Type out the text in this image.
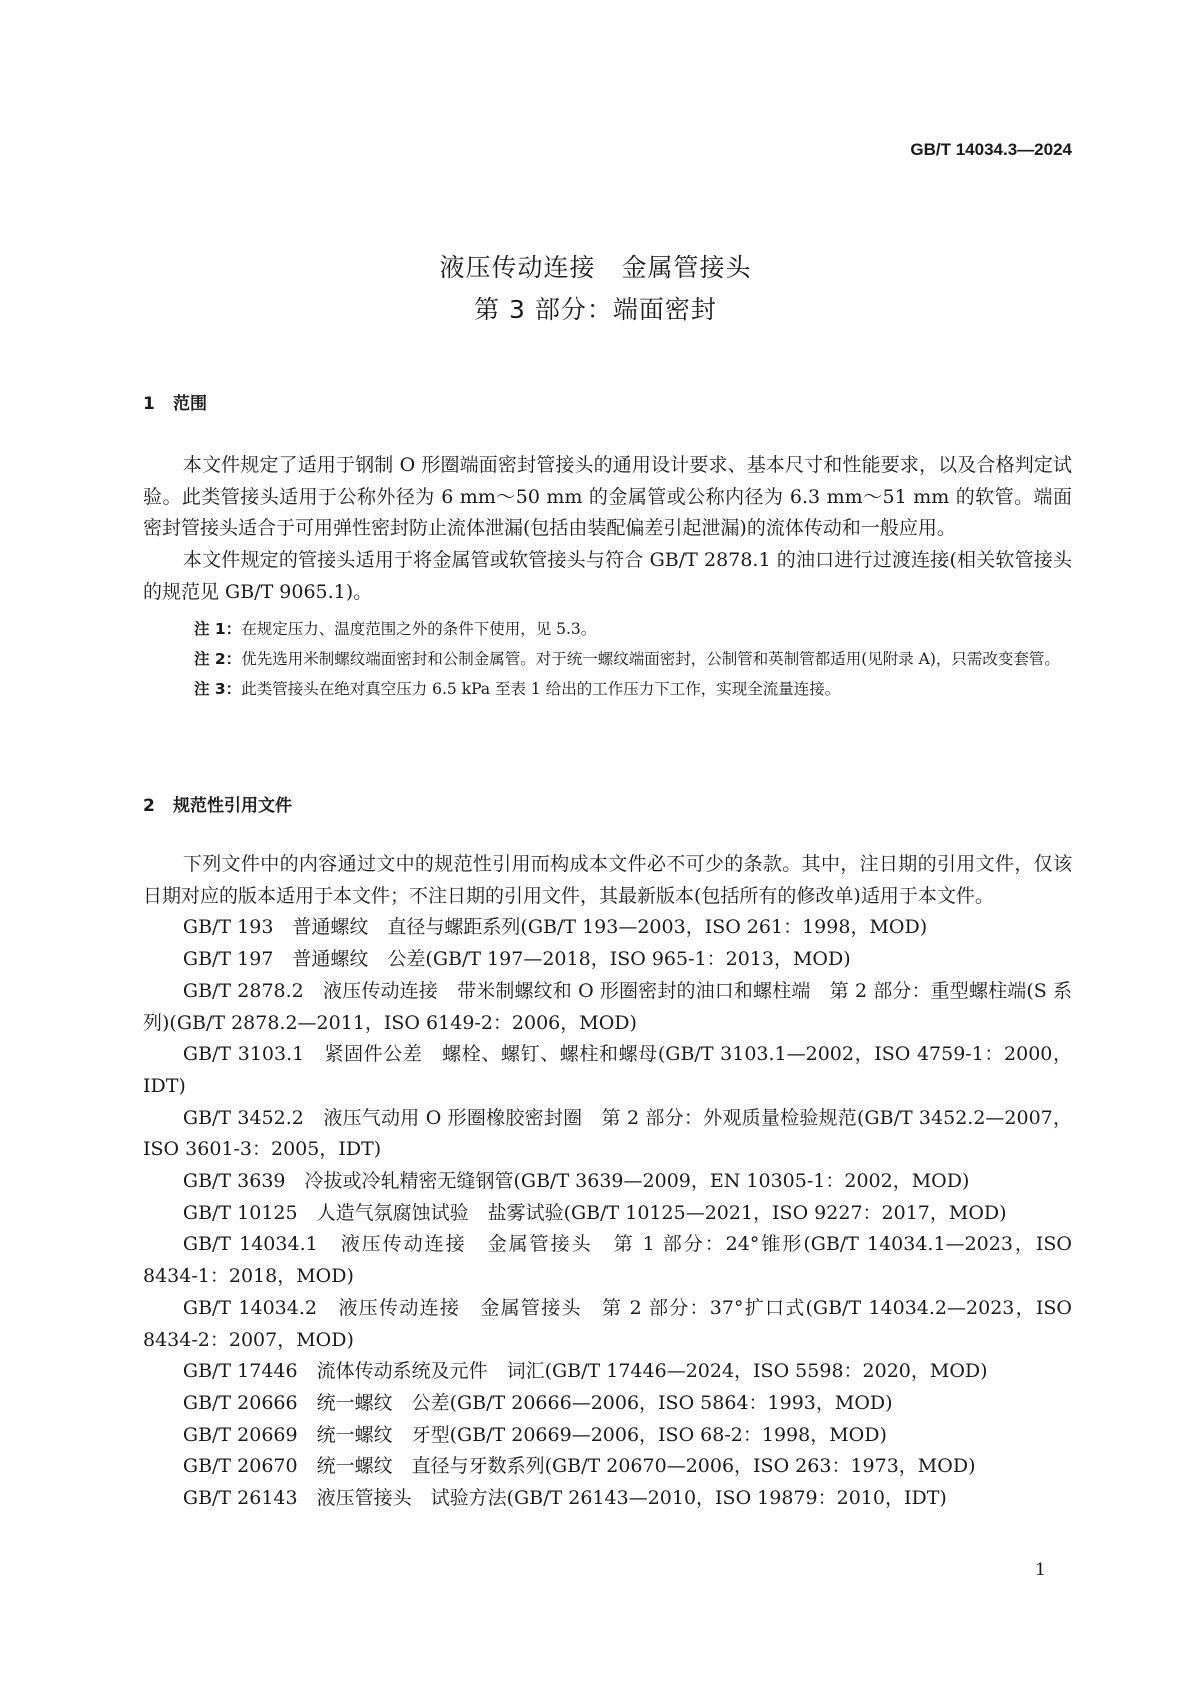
GB/T 14034.3—2024
液压传动连接　金属管接头
第 3 部分：端面密封
1 范围

本文件规定了适用于钢制 O 形圈端面密封管接头的通用设计要求、基本尺寸和性能要求，以及合格判定试验。此类管接头适用于公称外径为 6 mm～50 mm 的金属管或公称内径为 6.3 mm～51 mm 的软管。端面密封管接头适合于可用弹性密封防止流体泄漏(包括由装配偏差引起泄漏)的流体传动和一般应用。

本文件规定的管接头适用于将金属管或软管接头与符合 GB/T 2878.1 的油口进行过渡连接(相关软管接头的规范见 GB/T 9065.1)。

注 1：在规定压力、温度范围之外的条件下使用，见 5.3。

注 2：优先选用米制螺纹端面密封和公制金属管。对于统一螺纹端面密封，公制管和英制管都适用(见附录 A)，只需改变套管。

注 3：此类管接头在绝对真空压力 6.5 kPa 至表 1 给出的工作压力下工作，实现全流量连接。

2 规范性引用文件

下列文件中的内容通过文中的规范性引用而构成本文件必不可少的条款。其中，注日期的引用文件，仅该日期对应的版本适用于本文件；不注日期的引用文件，其最新版本(包括所有的修改单)适用于本文件。

GB/T 193　普通螺纹　直径与螺距系列(GB/T 193—2003，ISO 261：1998，MOD)

GB/T 197　普通螺纹　公差(GB/T 197—2018，ISO 965-1：2013，MOD)

GB/T 2878.2　液压传动连接　带米制螺纹和 O 形圈密封的油口和螺柱端　第 2 部分：重型螺柱端(S 系列)(GB/T 2878.2—2011，ISO 6149-2：2006，MOD)

GB/T 3103.1　紧固件公差　螺栓、螺钉、螺柱和螺母(GB/T 3103.1—2002，ISO 4759-1：2000，IDT)

GB/T 3452.2　液压气动用 O 形圈橡胶密封圈　第 2 部分：外观质量检验规范(GB/T 3452.2—2007，ISO 3601-3：2005，IDT)

GB/T 3639　冷拔或冷轧精密无缝钢管(GB/T 3639—2009，EN 10305-1：2002，MOD)

GB/T 10125　人造气氛腐蚀试验　盐雾试验(GB/T 10125—2021，ISO 9227：2017，MOD)

GB/T 14034.1　液压传动连接　金属管接头　第 1 部分：24°锥形(GB/T 14034.1—2023，ISO 8434-1：2018，MOD)

GB/T 14034.2　液压传动连接　金属管接头　第 2 部分：37°扩口式(GB/T 14034.2—2023，ISO 8434-2：2007，MOD)

GB/T 17446　流体传动系统及元件　词汇(GB/T 17446—2024，ISO 5598：2020，MOD)

GB/T 20666　统一螺纹　公差(GB/T 20666—2006，ISO 5864：1993，MOD)

GB/T 20669　统一螺纹　牙型(GB/T 20669—2006，ISO 68-2：1998，MOD)

GB/T 20670　统一螺纹　直径与牙数系列(GB/T 20670—2006，ISO 263：1973，MOD)

GB/T 26143　液压管接头　试验方法(GB/T 26143—2010，ISO 19879：2010，IDT)

1
